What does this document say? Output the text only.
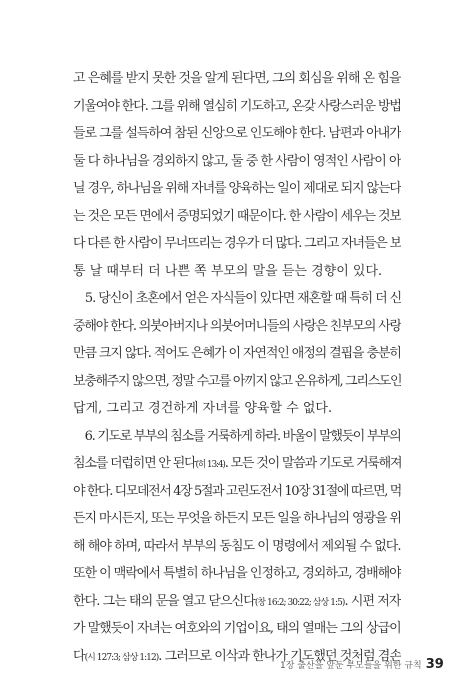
고 은혜를 받지 못한 것을 알게 된다면, 그의 회심을 위해 온 힘을
기울여야 한다. 그를 위해 열심히 기도하고, 온갖 사랑스러운 방법
들로 그를 설득하여 참된 신앙으로 인도해야 한다. 남편과 아내가
둘 다 하나님을 경외하지 않고, 둘 중 한 사람이 영적인 사람이 아
닐 경우, 하나님을 위해 자녀를 양육하는 일이 제대로 되지 않는다
는 것은 모든 면에서 증명되었기 때문이다. 한 사람이 세우는 것보
다 다른 한 사람이 무너뜨리는 경우가 더 많다. 그리고 자녀들은 보
통 날 때부터 더 나쁜 쪽 부모의 말을 듣는 경향이 있다.
　5. 당신이 초혼에서 얻은 자식들이 있다면 재혼할 때 특히 더 신
중해야 한다. 의붓아버지나 의붓어머니들의 사랑은 친부모의 사랑
만큼 크지 않다. 적어도 은혜가 이 자연적인 애정의 결핍을 충분히
보충해주지 않으면, 정말 수고를 아끼지 않고 온유하게, 그리스도인
답게, 그리고 경건하게 자녀를 양육할 수 없다.
　6. 기도로 부부의 침소를 거룩하게 하라. 바울이 말했듯이 부부의
침소를 더럽히면 안 된다(히 13:4). 모든 것이 말씀과 기도로 거룩해져
야 한다. 디모데전서 4장 5절과 고린도전서 10장 31절에 따르면, 먹
든지 마시든지, 또는 무엇을 하든지 모든 일을 하나님의 영광을 위
해 해야 하며, 따라서 부부의 동침도 이 명령에서 제외될 수 없다.
또한 이 맥락에서 특별히 하나님을 인정하고, 경외하고, 경배해야
한다. 그는 태의 문을 열고 닫으신다(창 16:2; 30:22; 삼상 1:5). 시편 저자
가 말했듯이 자녀는 여호와의 기업이요, 태의 열매는 그의 상급이
다(시 127:3; 삼상 1:12). 그러므로 이삭과 한나가 기도했던 것처럼 겸손
1장 출산을 앞둔 부모들을 위한 규칙 39
